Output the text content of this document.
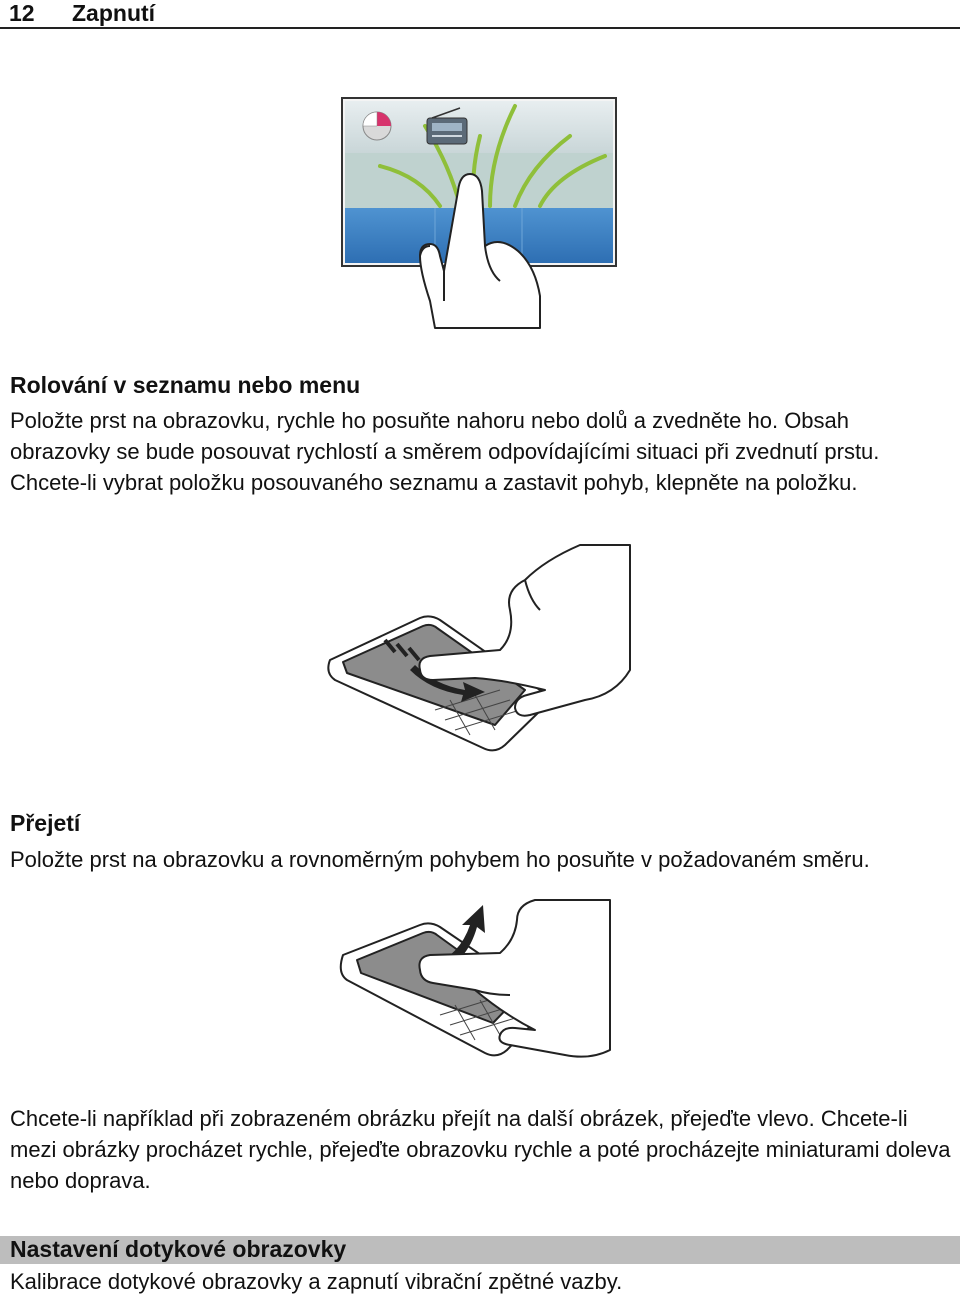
12 Zapnutí
Rolování v seznamu nebo menu

Položte prst na obrazovku, rychle ho posuňte nahoru nebo dolů a zvedněte ho. Obsah obrazovky se bude posouvat rychlostí a směrem odpovídajícími situaci při zvednutí prstu. Chcete-li vybrat položku posouvaného seznamu a zastavit pohyb, klepněte na položku.

Přejetí

Položte prst na obrazovku a rovnoměrným pohybem ho posuňte v požadovaném směru.

Chcete-li například při zobrazeném obrázku přejít na další obrázek, přejeďte vlevo. Chcete-li mezi obrázky procházet rychle, přejeďte obrazovku rychle a poté procházejte miniaturami doleva nebo doprava.

Nastavení dotykové obrazovky

Kalibrace dotykové obrazovky a zapnutí vibrační zpětné vazby.
